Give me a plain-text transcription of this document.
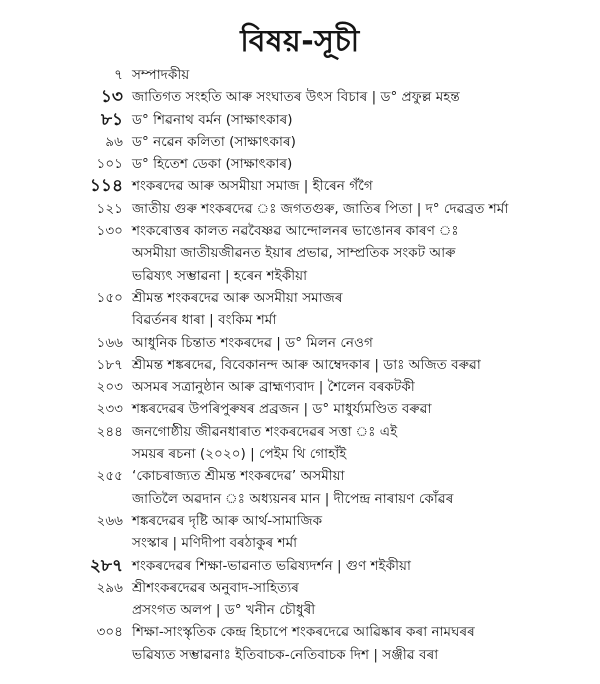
বিষয়-সূচী
৭ সম্পাদকীয়
১৩ জাতিগত সংহতি আৰু সংঘাতৰ উৎস বিচাৰ | ড° প্ৰফুল্ল মহন্ত
৮১ ড° শিৱনাথ বৰ্মন (সাক্ষাৎকাৰ)
৯৬ ড° নৱেন কলিতা (সাক্ষাৎকাৰ)
১০১ ড° হিতেশ ডেকা (সাক্ষাৎকাৰ)
১১৪ শংকৰদেৱ আৰু অসমীয়া সমাজ | হীৰেন গঁগৈ
১২১ জাতীয় গুৰু শংকৰদেৱ ঃ জগতগুৰু, জাতিৰ পিতা | দ° দেৱব্ৰত শৰ্মা
১৩০ শংকৰোত্তৰ কালত নৱবৈষ্ণৱ আন্দোলনৰ ভাঙোনৰ কাৰণ ঃ
অসমীয়া জাতীয়জীৱনত ইয়াৰ প্ৰভাৱ, সাম্প্ৰতিক সংকট আৰু
ভৱিষ্যৎ সম্ভাৱনা | হৰেন শইকীয়া
১৫০ শ্ৰীমন্ত শংকৰদেৱ আৰু অসমীয়া সমাজৰ
বিৱৰ্তনৰ ধাৰা | বংকিম শৰ্মা
১৬৬ আধুনিক চিন্তাত শংকৰদেৱ | ড° মিলন নেওগ
১৮৭ শ্ৰীমন্ত শঙ্কৰদেৱ, বিবেকানন্দ আৰু আম্বেদকাৰ | ডাঃ অজিত বৰুৱা
২০৩ অসমৰ সত্ৰানুষ্ঠান আৰু ব্ৰাহ্মণ্যবাদ | শৈলেন বৰকটকী
২৩৩ শঙ্কৰদেৱৰ উপৰিপুৰুষৰ প্ৰব্ৰজন | ড° মাধুৰ্য্যমণ্ডিত বৰুৱা
২৪৪ জনগোষ্ঠীয় জীৱনধাৰাত শংকৰদেৱৰ সত্তা ঃ এই
সময়ৰ ৰচনা (২০২০) | পেইম থি গোহাঁই
২৫৫ ‘কোচৰাজ্যত শ্ৰীমন্ত শংকৰদেৱ’ অসমীয়া
জাতিলৈ অৱদান ঃ অধ্যয়নৰ মান | দীপেন্দ্ৰ নাৰায়ণ কোঁৱৰ
২৬৬ শঙ্কৰদেৱৰ দৃষ্টি আৰু আৰ্থ-সামাজিক
সংস্কাৰ | মণিদীপা বৰঠাকুৰ শৰ্মা
২৮৭ শংকৰদেৱৰ শিক্ষা-ভাৱনাত ভৱিষ্যদৰ্শন | গুণ শইকীয়া
২৯৬ শ্ৰীশংকৰদেৱৰ অনুবাদ-সাহিত্যৰ
প্ৰসংগত অলপ | ড° খনীন চৌধুৰী
৩০৪ শিক্ষা-সাংস্কৃতিক কেন্দ্ৰ হিচাপে শংকৰদেৱে আৱিষ্কাৰ কৰা নামঘৰৰ
ভৱিষ্যত সম্ভাৱনাঃ ইতিবাচক-নেতিবাচক দিশ | সঞ্জীৱ বৰা
